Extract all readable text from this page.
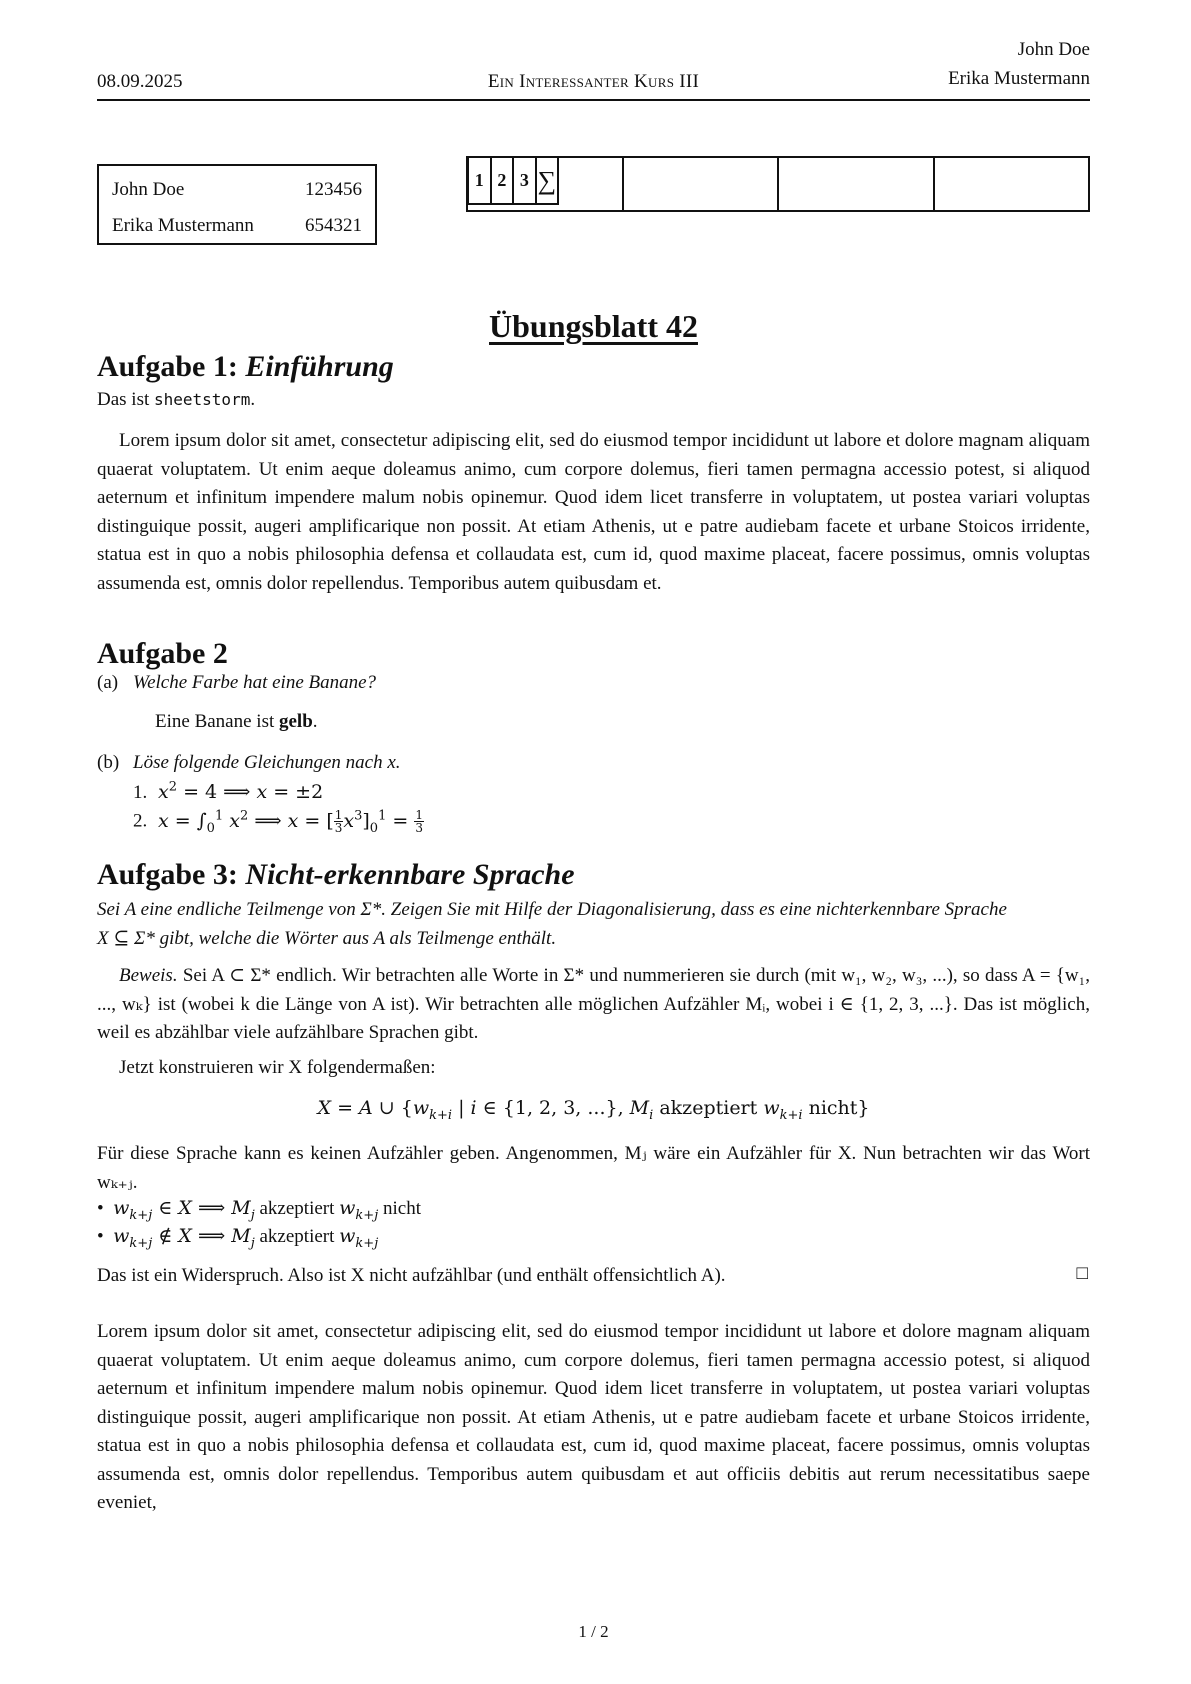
08.09.2025	Ein Interessanter Kurs III
John Doe
Erika Mustermann
John Doe	123456
Erika Mustermann	654321
1	2	3	∑

Übungsblatt 42
Aufgabe 1: Einführung
Das ist sheetstorm.
Lorem ipsum dolor sit amet, consectetur adipiscing elit, sed do eiusmod tempor incididunt ut labore et dolore magnam aliquam quaerat voluptatem. Ut enim aeque doleamus animo, cum corpore dolemus, fieri tamen permagna accessio potest, si aliquod aeternum et infinitum impendere malum nobis opinemur. Quod idem licet transferre in voluptatem, ut postea variari voluptas distinguique possit, augeri amplificarique non possit. At etiam Athenis, ut e patre audiebam facete et urbane Stoicos irridente, statua est in quo a nobis philosophia defensa et collaudata est, cum id, quod maxime placeat, facere possimus, omnis voluptas assumenda est, omnis dolor repellendus. Temporibus autem quibusdam et.
Aufgabe 2
(a) Welche Farbe hat eine Banane?
Eine Banane ist gelb.
(b) Löse folgende Gleichungen nach x.
1.  $x^2 = 4$ ⟹ x = ±2
2.  $x = \int_0^1$ $x^2$ ⟹ x = [ $\frac{1}{3} x^3]_0^1 = \frac{1}{3}$
Aufgabe 3: Nicht-erkennbare Sprache
Sei A eine endliche Teilmenge von Σ*. Zeigen Sie mit Hilfe der Diagonalisierung, dass es eine nichterkennbare Sprache
X ⊆ Σ* gibt, welche die Wörter aus A als Teilmenge enthält.
Beweis. Sei A ⊂ Σ* endlich. Wir betrachten alle Worte in Σ* und nummerieren sie durch (mit w₁, w₂, w₃, ...), so dass A = {w₁, ..., wₖ} ist (wobei k die Länge von A ist). Wir betrachten alle möglichen Aufzähler Mᵢ, wobei i ∈ {1, 2, 3, ...}. Das ist möglich, weil es abzählbar viele aufzählbare Sprachen gibt.
Jetzt konstruieren wir X folgendermaßen:
X = A ∪ {$w_{k+i}$ | i ∈ {1, 2, 3, ...}, $M_i$ akzeptiert $w_{k+i}$ nicht}
Für diese Sprache kann es keinen Aufzähler geben. Angenommen, Mⱼ wäre ein Aufzähler für X. Nun betrachten wir das Wort wₖ₊ⱼ.
•  $w_{k+j}$ ∈ X ⟹ $M_j$ akzeptiert $w_{k+j}$ nicht
•  $w_{k+j}$ ∉ X ⟹ $M_j$ akzeptiert $w_{k+j}$
Das ist ein Widerspruch. Also ist X nicht aufzählbar (und enthält offensichtlich A).	□
Lorem ipsum dolor sit amet, consectetur adipiscing elit, sed do eiusmod tempor incididunt ut labore et dolore magnam aliquam quaerat voluptatem. Ut enim aeque doleamus animo, cum corpore dolemus, fieri tamen permagna accessio potest, si aliquod aeternum et infinitum impendere malum nobis opinemur. Quod idem licet transferre in voluptatem, ut postea variari voluptas distinguique possit, augeri amplificarique non possit. At etiam Athenis, ut e patre audiebam facete et urbane Stoicos irridente, statua est in quo a nobis philosophia defensa et collaudata est, cum id, quod maxime placeat, facere possimus, omnis voluptas assumenda est, omnis dolor repellendus. Temporibus autem quibusdam et aut officiis debitis aut rerum necessitatibus saepe eveniet,
1 / 2
